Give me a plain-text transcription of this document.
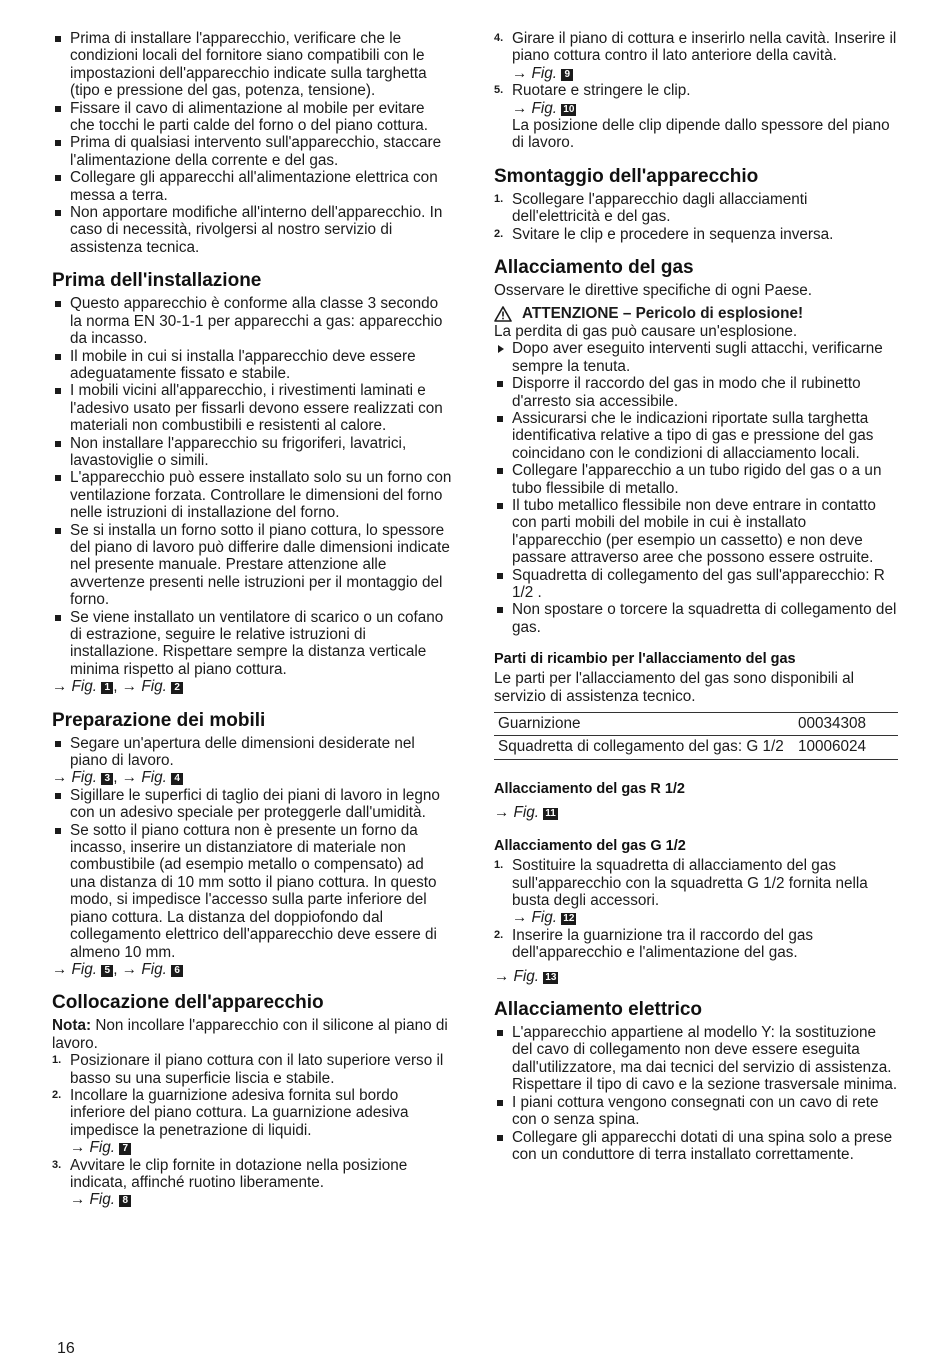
Prima di installare l'apparecchio, verificare che le condizioni locali del fornitore siano compatibili con le impostazioni dell'apparecchio indicate sulla targhetta (tipo e pressione del gas, potenza, tensione).
Fissare il cavo di alimentazione al mobile per evitare che tocchi le parti calde del forno o del piano cottura.
Prima di qualsiasi intervento sull'apparecchio, staccare l'alimentazione della corrente e del gas.
Collegare gli apparecchi all'alimentazione elettrica con messa a terra.
Non apportare modifiche all'interno dell'apparecchio. In caso di necessità, rivolgersi al nostro servizio di assistenza tecnica.
Prima dell'installazione
Questo apparecchio è conforme alla classe 3 secondo la norma EN 30-1-1 per apparecchi a gas: apparecchio da incasso.
Il mobile in cui si installa l'apparecchio deve essere adeguatamente fissato e stabile.
I mobili vicini all'apparecchio, i rivestimenti laminati e l'adesivo usato per fissarli devono essere realizzati con materiali non combustibili e resistenti al calore.
Non installare l'apparecchio su frigoriferi, lavatrici, lavastoviglie o simili.
L'apparecchio può essere installato solo su un forno con ventilazione forzata. Controllare le dimensioni del forno nelle istruzioni di installazione del forno.
Se si installa un forno sotto il piano cottura, lo spessore del piano di lavoro può differire dalle dimensioni indicate nel presente manuale. Prestare attenzione alle avvertenze presenti nelle istruzioni per il montaggio del forno.
Se viene installato un ventilatore di scarico o un cofano di estrazione, seguire le relative istruzioni di installazione. Rispettare sempre la distanza verticale minima rispetto al piano cottura.
→ Fig. 1 , → Fig. 2
Preparazione dei mobili
Segare un'apertura delle dimensioni desiderate nel piano di lavoro.
→ Fig. 3 , → Fig. 4
Sigillare le superfici di taglio dei piani di lavoro in legno con un adesivo speciale per proteggerle dall'umidità.
Se sotto il piano cottura non è presente un forno da incasso, inserire un distanziatore di materiale non combustibile (ad esempio metallo o compensato) ad una distanza di 10 mm sotto il piano cottura. In questo modo, si impedisce l'accesso sulla parte inferiore del piano cottura. La distanza del doppiofondo dal collegamento elettrico dell'apparecchio deve essere di almeno 10 mm.
→ Fig. 5 , → Fig. 6
Collocazione dell'apparecchio

Nota: Non incollare l'apparecchio con il silicone al piano di lavoro.

1. Posizionare il piano cottura con il lato superiore verso il basso su una superficie liscia e stabile.
2. Incollare la guarnizione adesiva fornita sul bordo inferiore del piano cottura. La guarnizione adesiva impedisce la penetrazione di liquidi.
→ Fig. 7
3. Avvitare le clip fornite in dotazione nella posizione indicata, affinché ruotino liberamente.
→ Fig. 8
4. Girare il piano di cottura e inserirlo nella cavità. Inserire il piano cottura contro il lato anteriore della cavità.
→ Fig. 9
5. Ruotare e stringere le clip.
→ Fig. 10
La posizione delle clip dipende dallo spessore del piano di lavoro.
Smontaggio dell'apparecchio
1. Scollegare l'apparecchio dagli allacciamenti dell'elettricità e del gas.
2. Svitare le clip e procedere in sequenza inversa.
Allacciamento del gas

Osservare le direttive specifiche di ogni Paese.

ATTENZIONE – Pericolo di esplosione!

La perdita di gas può causare un'esplosione.

Dopo aver eseguito interventi sugli attacchi, verificarne sempre la tenuta.
Disporre il raccordo del gas in modo che il rubinetto d'arresto sia accessibile.
Assicurarsi che le indicazioni riportate sulla targhetta identificativa relative a tipo di gas e pressione del gas coincidano con le condizioni di allacciamento locali.
Collegare l'apparecchio a un tubo rigido del gas o a un tubo flessibile di metallo.
Il tubo metallico flessibile non deve entrare in contatto con parti mobili del mobile in cui è installato l'apparecchio (per esempio un cassetto) e non deve passare attraverso aree che possono essere ostruite.
Squadretta di collegamento del gas sull'apparecchio: R 1/2 .
Non spostare o torcere la squadretta di collegamento del gas.
Parti di ricambio per l'allacciamento del gas

Le parti per l'allacciamento del gas sono disponibili al servizio di assistenza tecnico.

Guarnizione	00034308
Squadretta di collegamento del gas: G 1/2	10006024
Allacciamento del gas R 1/2
→ Fig. 11
Allacciamento del gas G 1/2
1. Sostituire la squadretta di allacciamento del gas sull'apparecchio con la squadretta G 1/2 fornita nella busta degli accessori.
→ Fig. 12
2. Inserire la guarnizione tra il raccordo del gas dell'apparecchio e l'alimentazione del gas.
→ Fig. 13
Allacciamento elettrico
L'apparecchio appartiene al modello Y: la sostituzione del cavo di collegamento non deve essere eseguita dall'utilizzatore, ma dai tecnici del servizio di assistenza. Rispettare il tipo di cavo e la sezione trasversale minima.
I piani cottura vengono consegnati con un cavo di rete con o senza spina.
Collegare gli apparecchi dotati di una spina solo a prese con un conduttore di terra installato correttamente.
16
